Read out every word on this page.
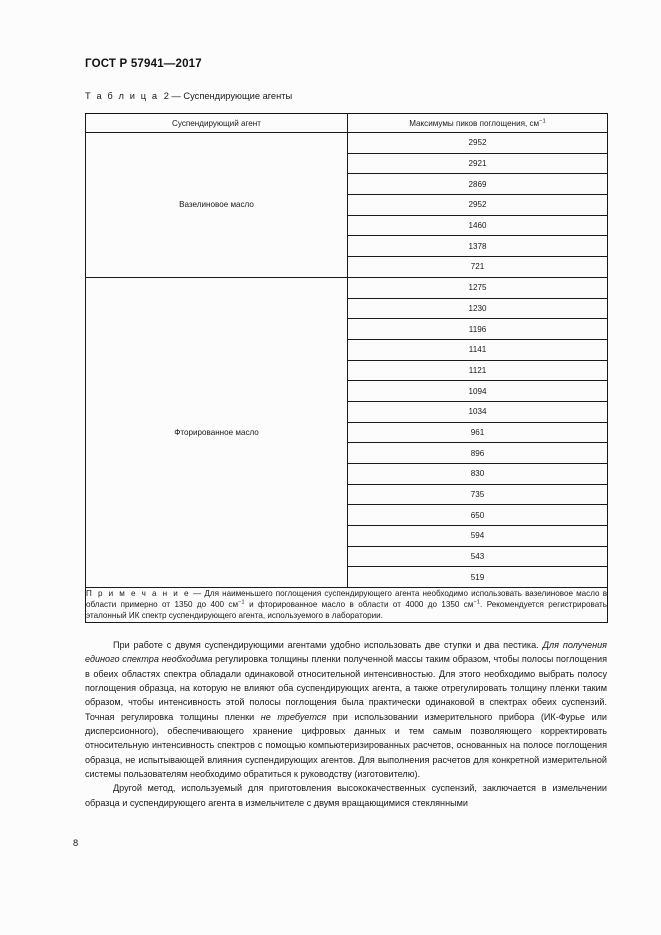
ГОСТ Р 57941—2017
Т а б л и ц а 2 — Суспендирующие агенты
Суспендирующий агент	Максимумы пиков поглощения, $см^{-1}$
Вазелиновое масло	2952
	2921
	2869
	2952
	1460
	1378
	721
Фторированное масло	1275
	1230
	1196
	1141
	1121
	1094
	1034
	961
	896
	830
	735
	650
	594
	543
	519
П р и м е ч а н и е — Для наименьшего поглощения суспендирующего агента необходимо использовать вазелиновое масло в области примерно от 1350 до 400 $см^{-1}$ и фторированное масло в области от 4000 до 1350 $см^{-1}$. Рекомендуется регистрировать эталонный ИК спектр суспендирующего агента, используемого в лаборатории.	

При работе с двумя суспендирующими агентами удобно использовать две ступки и два пестика. Для получения единого спектра необходима регулировка толщины пленки полученной массы таким образом, чтобы полосы поглощения в обеих областях спектра обладали одинаковой относительной интенсивностью. Для этого необходимо выбрать полосу поглощения образца, на которую не влияют оба суспендирующих агента, а также отрегулировать толщину пленки таким образом, чтобы интенсивность этой полосы поглощения была практически одинаковой в спектрах обеих суспензий. Точная регулировка толщины пленки не требуется при использовании измерительного прибора (ИК-Фурье или дисперсионного), обеспечивающего хранение цифровых данных и тем самым позволяющего корректировать относительную интенсивность спектров с помощью компьютеризированных расчетов, основанных на полосе поглощения образца, не испытывающей влияния суспендирующих агентов. Для выполнения расчетов для конкретной измерительной системы пользователям необходимо обратиться к руководству (изготовителю).

Другой метод, используемый для приготовления высококачественных суспензий, заключается в измельчении образца и суспендирующего агента в измельчителе с двумя вращающимися стеклянными

8
